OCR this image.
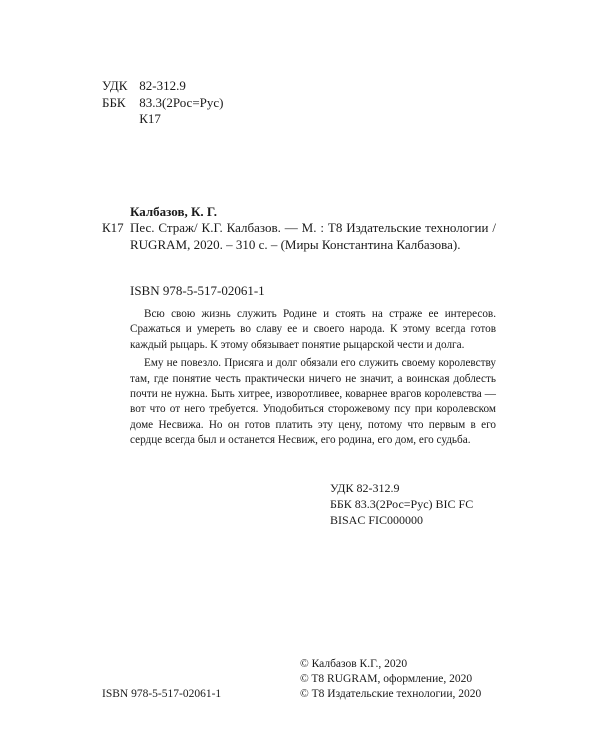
УДК 82-312.9
ББК 83.3(2Рос=Рус)
К17
Калбазов, К. Г.
К17 Пес. Страж/ К.Г. Калбазов. — М. : Т8 Издательские технологии / RUGRAM, 2020. – 310 с. – (Миры Константина Калбазова).
ISBN 978-5-517-02061-1

Всю свою жизнь служить Родине и стоять на страже ее интересов. Сражаться и умереть во славу ее и своего народа. К этому всегда готов каждый рыцарь. К этому обязывает понятие рыцарской чести и долга.

Ему не повезло. Присяга и долг обязали его служить своему королевству там, где понятие честь практически ничего не значит, а воинская доблесть почти не нужна. Быть хитрее, изворотливее, коварнее врагов королевства — вот что от него требуется. Уподобиться сторожевому псу при королевском доме Несвижа. Но он готов платить эту цену, потому что первым в его сердце всегда был и останется Несвиж, его родина, его дом, его судьба.

УДК 82-312.9
ББК 83.3(2Рос=Рус) BIC FC
BISAC FIC000000
© Калбазов К.Г., 2020
© T8 RUGRAM, оформление, 2020
© Т8 Издательские технологии, 2020
ISBN 978-5-517-02061-1
